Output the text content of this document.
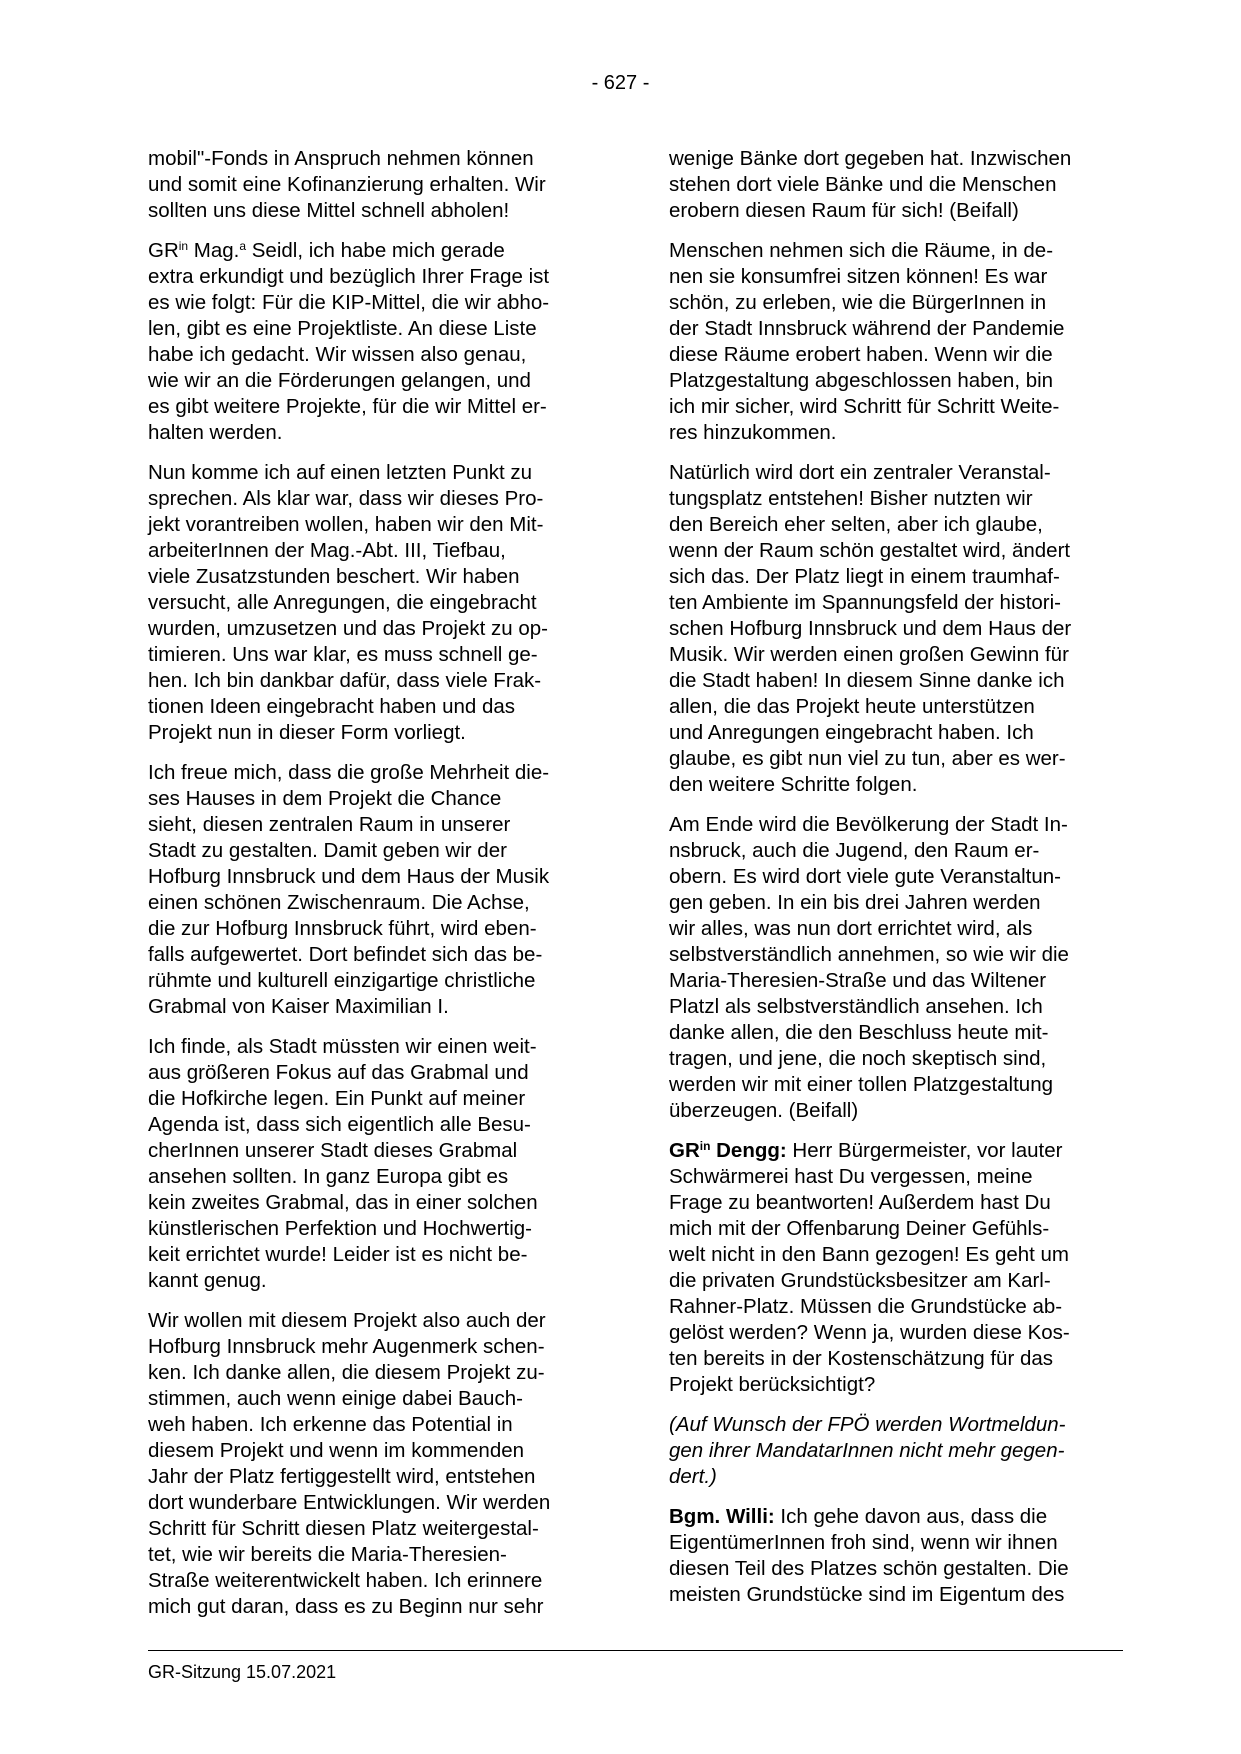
- 627 -

mobil"-Fonds in Anspruch nehmen können
und somit eine Kofinanzierung erhalten. Wir
sollten uns diese Mittel schnell abholen!

$GR^{in}$ Mag.$^a$ Seidl, ich habe mich gerade
extra erkundigt und bezüglich Ihrer Frage ist
es wie folgt: Für die KIP-Mittel, die wir abho-
len, gibt es eine Projektliste. An diese Liste
habe ich gedacht. Wir wissen also genau,
wie wir an die Förderungen gelangen, und
es gibt weitere Projekte, für die wir Mittel er-
halten werden.

Nun komme ich auf einen letzten Punkt zu
sprechen. Als klar war, dass wir dieses Pro-
jekt vorantreiben wollen, haben wir den Mit-
arbeiterInnen der Mag.-Abt. III, Tiefbau,
viele Zusatzstunden beschert. Wir haben
versucht, alle Anregungen, die eingebracht
wurden, umzusetzen und das Projekt zu op-
timieren. Uns war klar, es muss schnell ge-
hen. Ich bin dankbar dafür, dass viele Frak-
tionen Ideen eingebracht haben und das
Projekt nun in dieser Form vorliegt.

Ich freue mich, dass die große Mehrheit die-
ses Hauses in dem Projekt die Chance
sieht, diesen zentralen Raum in unserer
Stadt zu gestalten. Damit geben wir der
Hofburg Innsbruck und dem Haus der Musik
einen schönen Zwischenraum. Die Achse,
die zur Hofburg Innsbruck führt, wird eben-
falls aufgewertet. Dort befindet sich das be-
rühmte und kulturell einzigartige christliche
Grabmal von Kaiser Maximilian I.

Ich finde, als Stadt müssten wir einen weit-
aus größeren Fokus auf das Grabmal und
die Hofkirche legen. Ein Punkt auf meiner
Agenda ist, dass sich eigentlich alle Besu-
cherInnen unserer Stadt dieses Grabmal
ansehen sollten. In ganz Europa gibt es
kein zweites Grabmal, das in einer solchen
künstlerischen Perfektion und Hochwertig-
keit errichtet wurde! Leider ist es nicht be-
kannt genug.

Wir wollen mit diesem Projekt also auch der
Hofburg Innsbruck mehr Augenmerk schen-
ken. Ich danke allen, die diesem Projekt zu-
stimmen, auch wenn einige dabei Bauch-
weh haben. Ich erkenne das Potential in
diesem Projekt und wenn im kommenden
Jahr der Platz fertiggestellt wird, entstehen
dort wunderbare Entwicklungen. Wir werden
Schritt für Schritt diesen Platz weitergestal-
tet, wie wir bereits die Maria-Theresien-
Straße weiterentwickelt haben. Ich erinnere
mich gut daran, dass es zu Beginn nur sehr

wenige Bänke dort gegeben hat. Inzwischen
stehen dort viele Bänke und die Menschen
erobern diesen Raum für sich! (Beifall)

Menschen nehmen sich die Räume, in de-
nen sie konsumfrei sitzen können! Es war
schön, zu erleben, wie die BürgerInnen in
der Stadt Innsbruck während der Pandemie
diese Räume erobert haben. Wenn wir die
Platzgestaltung abgeschlossen haben, bin
ich mir sicher, wird Schritt für Schritt Weite-
res hinzukommen.

Natürlich wird dort ein zentraler Veranstal-
tungsplatz entstehen! Bisher nutzten wir
den Bereich eher selten, aber ich glaube,
wenn der Raum schön gestaltet wird, ändert
sich das. Der Platz liegt in einem traumhaf-
ten Ambiente im Spannungsfeld der histori-
schen Hofburg Innsbruck und dem Haus der
Musik. Wir werden einen großen Gewinn für
die Stadt haben! In diesem Sinne danke ich
allen, die das Projekt heute unterstützen
und Anregungen eingebracht haben. Ich
glaube, es gibt nun viel zu tun, aber es wer-
den weitere Schritte folgen.

Am Ende wird die Bevölkerung der Stadt In-
nsbruck, auch die Jugend, den Raum er-
obern. Es wird dort viele gute Veranstaltun-
gen geben. In ein bis drei Jahren werden
wir alles, was nun dort errichtet wird, als
selbstverständlich annehmen, so wie wir die
Maria-Theresien-Straße und das Wiltener
Platzl als selbstverständlich ansehen. Ich
danke allen, die den Beschluss heute mit-
tragen, und jene, die noch skeptisch sind,
werden wir mit einer tollen Platzgestaltung
überzeugen. (Beifall)

$GR^{in}$ Dengg: Herr Bürgermeister, vor lauter
Schwärmerei hast Du vergessen, meine
Frage zu beantworten! Außerdem hast Du
mich mit der Offenbarung Deiner Gefühls-
welt nicht in den Bann gezogen! Es geht um
die privaten Grundstücksbesitzer am Karl-
Rahner-Platz. Müssen die Grundstücke ab-
gelöst werden? Wenn ja, wurden diese Kos-
ten bereits in der Kostenschätzung für das
Projekt berücksichtigt?

(Auf Wunsch der FPÖ werden Wortmeldun-
gen ihrer MandatarInnen nicht mehr gegen-
dert.)

Bgm. Willi: Ich gehe davon aus, dass die
EigentümerInnen froh sind, wenn wir ihnen
diesen Teil des Platzes schön gestalten. Die
meisten Grundstücke sind im Eigentum des

GR-Sitzung 15.07.2021
